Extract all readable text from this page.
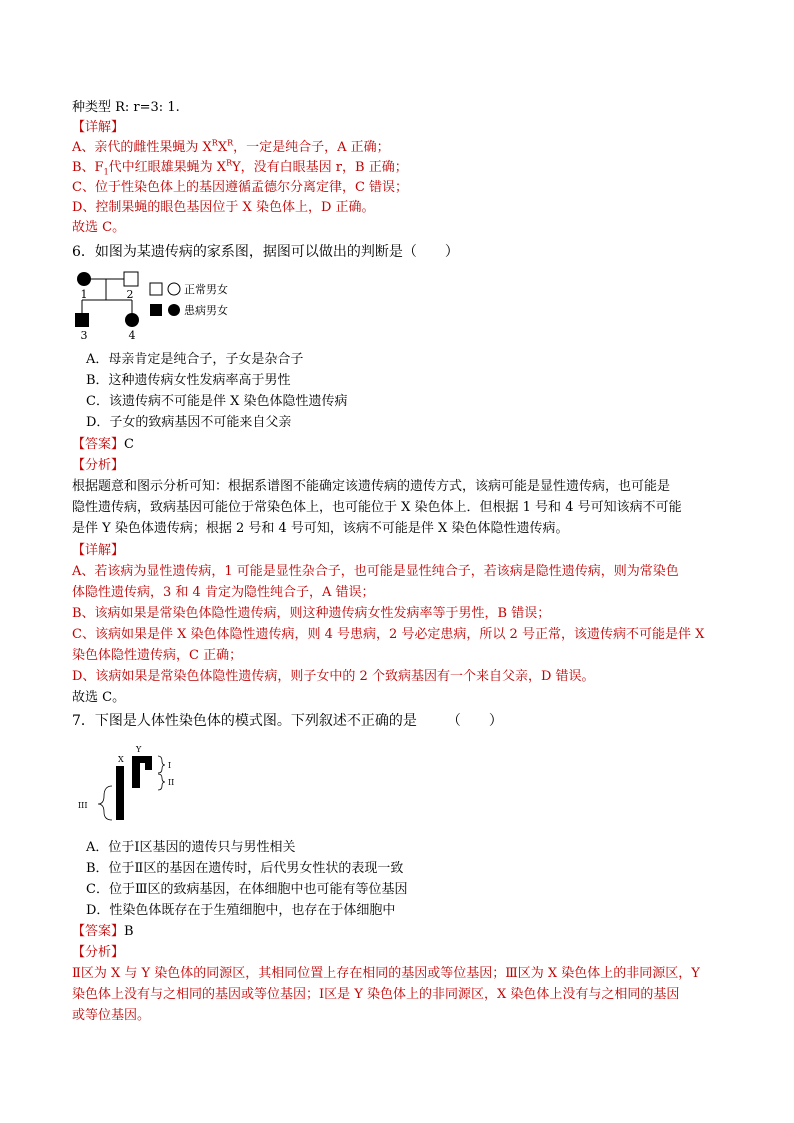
种类型 R: r=3: 1.
【详解】
A、亲代的雌性果蝇为 $X^RX^R$，一定是纯合子，A 正确；
B、$F_1$代中红眼雄果蝇为 $X^RY$，没有白眼基因 r，B 正确；
C、位于性染色体上的基因遵循孟德尔分离定律，C 错误；
D、控制果蝇的眼色基因位于 X 染色体上，D 正确。
故选 C。
6．如图为某遗传病的家系图，据图可以做出的判断是（　　）
1	2
3	4
正常男女
患病男女
A．母亲肯定是纯合子，子女是杂合子
B．这种遗传病女性发病率高于男性
C．该遗传病不可能是伴 X 染色体隐性遗传病
D．子女的致病基因不可能来自父亲
【答案】C
【分析】
根据题意和图示分析可知：根据系谱图不能确定该遗传病的遗传方式，该病可能是显性遗传病，也可能是
隐性遗传病，致病基因可能位于常染色体上，也可能位于 X 染色体上．但根据 1 号和 4 号可知该病不可能
是伴 Y 染色体遗传病；根据 2 号和 4 号可知，该病不可能是伴 X 染色体隐性遗传病。
【详解】
A、若该病为显性遗传病，1 可能是显性杂合子，也可能是显性纯合子，若该病是隐性遗传病，则为常染色
体隐性遗传病，3 和 4 肯定为隐性纯合子，A 错误；
B、该病如果是常染色体隐性遗传病，则这种遗传病女性发病率等于男性，B 错误；
C、该病如果是伴 X 染色体隐性遗传病，则 4 号患病，2 号必定患病，所以 2 号正常，该遗传病不可能是伴 X
染色体隐性遗传病，C 正确；
D、该病如果是常染色体隐性遗传病，则子女中的 2 个致病基因有一个来自父亲，D 错误。
故选 C。
7．下图是人体性染色体的模式图。下列叙述不正确的是 （　　）
X
Y
I
II
III
A．位于Ⅰ区基因的遗传只与男性相关
B．位于Ⅱ区的基因在遗传时，后代男女性状的表现一致
C．位于Ⅲ区的致病基因，在体细胞中也可能有等位基因
D．性染色体既存在于生殖细胞中，也存在于体细胞中
【答案】B
【分析】
Ⅱ区为 X 与 Y 染色体的同源区，其相同位置上存在相同的基因或等位基因；Ⅲ区为 X 染色体上的非同源区，Y
染色体上没有与之相同的基因或等位基因；Ⅰ区是 Y 染色体上的非同源区，X 染色体上没有与之相同的基因
或等位基因。
